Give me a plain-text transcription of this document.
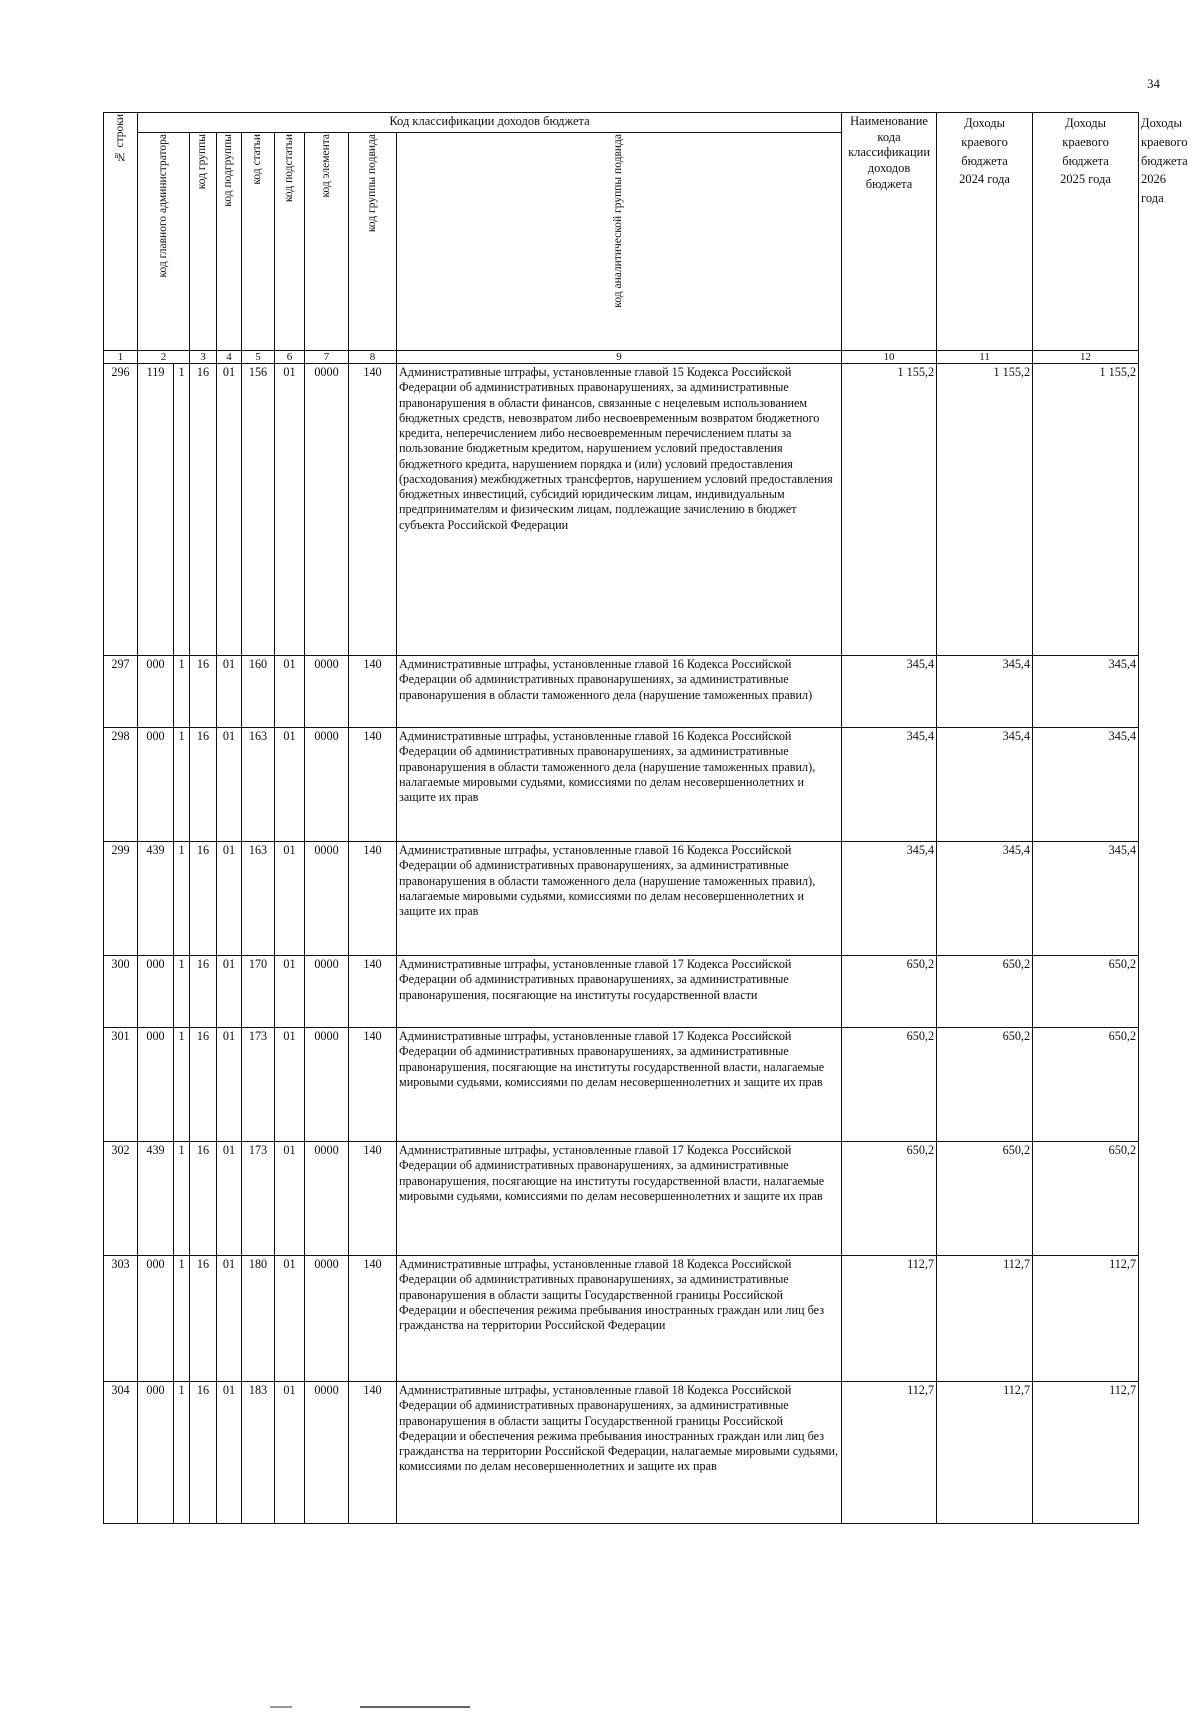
34
№ строки	Код классификации доходов бюджета									Наименование кода классификации доходов бюджета	Доходы
краевого
бюджета
2024 года	Доходы
краевого
бюджета
2025 года	Доходы
краевого
бюджета
2026 года

	код главного администратора		код группы	код подгруппы	код статьи	код подстатьи	код элемента	код группы подвида	код аналитической группы подвида				

1	2		3	4	5	6	7	8	9	10	11	12	
296	119	1	16	01	156	01	0000	140	Административные штрафы, установленные главой 15 Кодекса Российской Федерации об административных правонарушениях, за административные правонарушения в области финансов, связанные с нецелевым использованием бюджетных средств, невозвратом либо несвоевременным возвратом бюджетного кредита, неперечислением либо несвоевременным перечислением платы за пользование бюджетным кредитом, нарушением условий предоставления бюджетного кредита, нарушением порядка и (или) условий предоставления (расходования) межбюджетных трансфертов, нарушением условий предоставления бюджетных инвестиций, субсидий юридическим лицам, индивидуальным предпринимателям и физическим лицам, подлежащие зачислению в бюджет субъекта Российской Федерации	1 155,2	1 155,2	1 155,2	
297	000	1	16	01	160	01	0000	140	Административные штрафы, установленные главой 16 Кодекса Российской Федерации об административных правонарушениях, за административные правонарушения в области таможенного дела (нарушение таможенных правил)	345,4	345,4	345,4	
298	000	1	16	01	163	01	0000	140	Административные штрафы, установленные главой 16 Кодекса Российской Федерации об административных правонарушениях, за административные правонарушения в области таможенного дела (нарушение таможенных правил), налагаемые мировыми судьями, комиссиями по делам несовершеннолетних и защите их прав	345,4	345,4	345,4	
299	439	1	16	01	163	01	0000	140	Административные штрафы, установленные главой 16 Кодекса Российской Федерации об административных правонарушениях, за административные правонарушения в области таможенного дела (нарушение таможенных правил), налагаемые мировыми судьями, комиссиями по делам несовершеннолетних и защите их прав	345,4	345,4	345,4	
300	000	1	16	01	170	01	0000	140	Административные штрафы, установленные главой 17 Кодекса Российской Федерации об административных правонарушениях, за административные правонарушения, посягающие на институты государственной власти	650,2	650,2	650,2	
301	000	1	16	01	173	01	0000	140	Административные штрафы, установленные главой 17 Кодекса Российской Федерации об административных правонарушениях, за административные правонарушения, посягающие на институты государственной власти, налагаемые мировыми судьями, комиссиями по делам несовершеннолетних и защите их прав	650,2	650,2	650,2	
302	439	1	16	01	173	01	0000	140	Административные штрафы, установленные главой 17 Кодекса Российской Федерации об административных правонарушениях, за административные правонарушения, посягающие на институты государственной власти, налагаемые мировыми судьями, комиссиями по делам несовершеннолетних и защите их прав	650,2	650,2	650,2	
303	000	1	16	01	180	01	0000	140	Административные штрафы, установленные главой 18 Кодекса Российской Федерации об административных правонарушениях, за административные правонарушения в области защиты Государственной границы Российской Федерации и обеспечения режима пребывания иностранных граждан или лиц без гражданства на территории Российской Федерации	112,7	112,7	112,7	
304	000	1	16	01	183	01	0000	140	Административные штрафы, установленные главой 18 Кодекса Российской Федерации об административных правонарушениях, за административные правонарушения в области защиты Государственной границы Российской Федерации и обеспечения режима пребывания иностранных граждан или лиц без гражданства на территории Российской Федерации, налагаемые мировыми судьями, комиссиями по делам несовершеннолетних и защите их прав	112,7	112,7	112,7	
